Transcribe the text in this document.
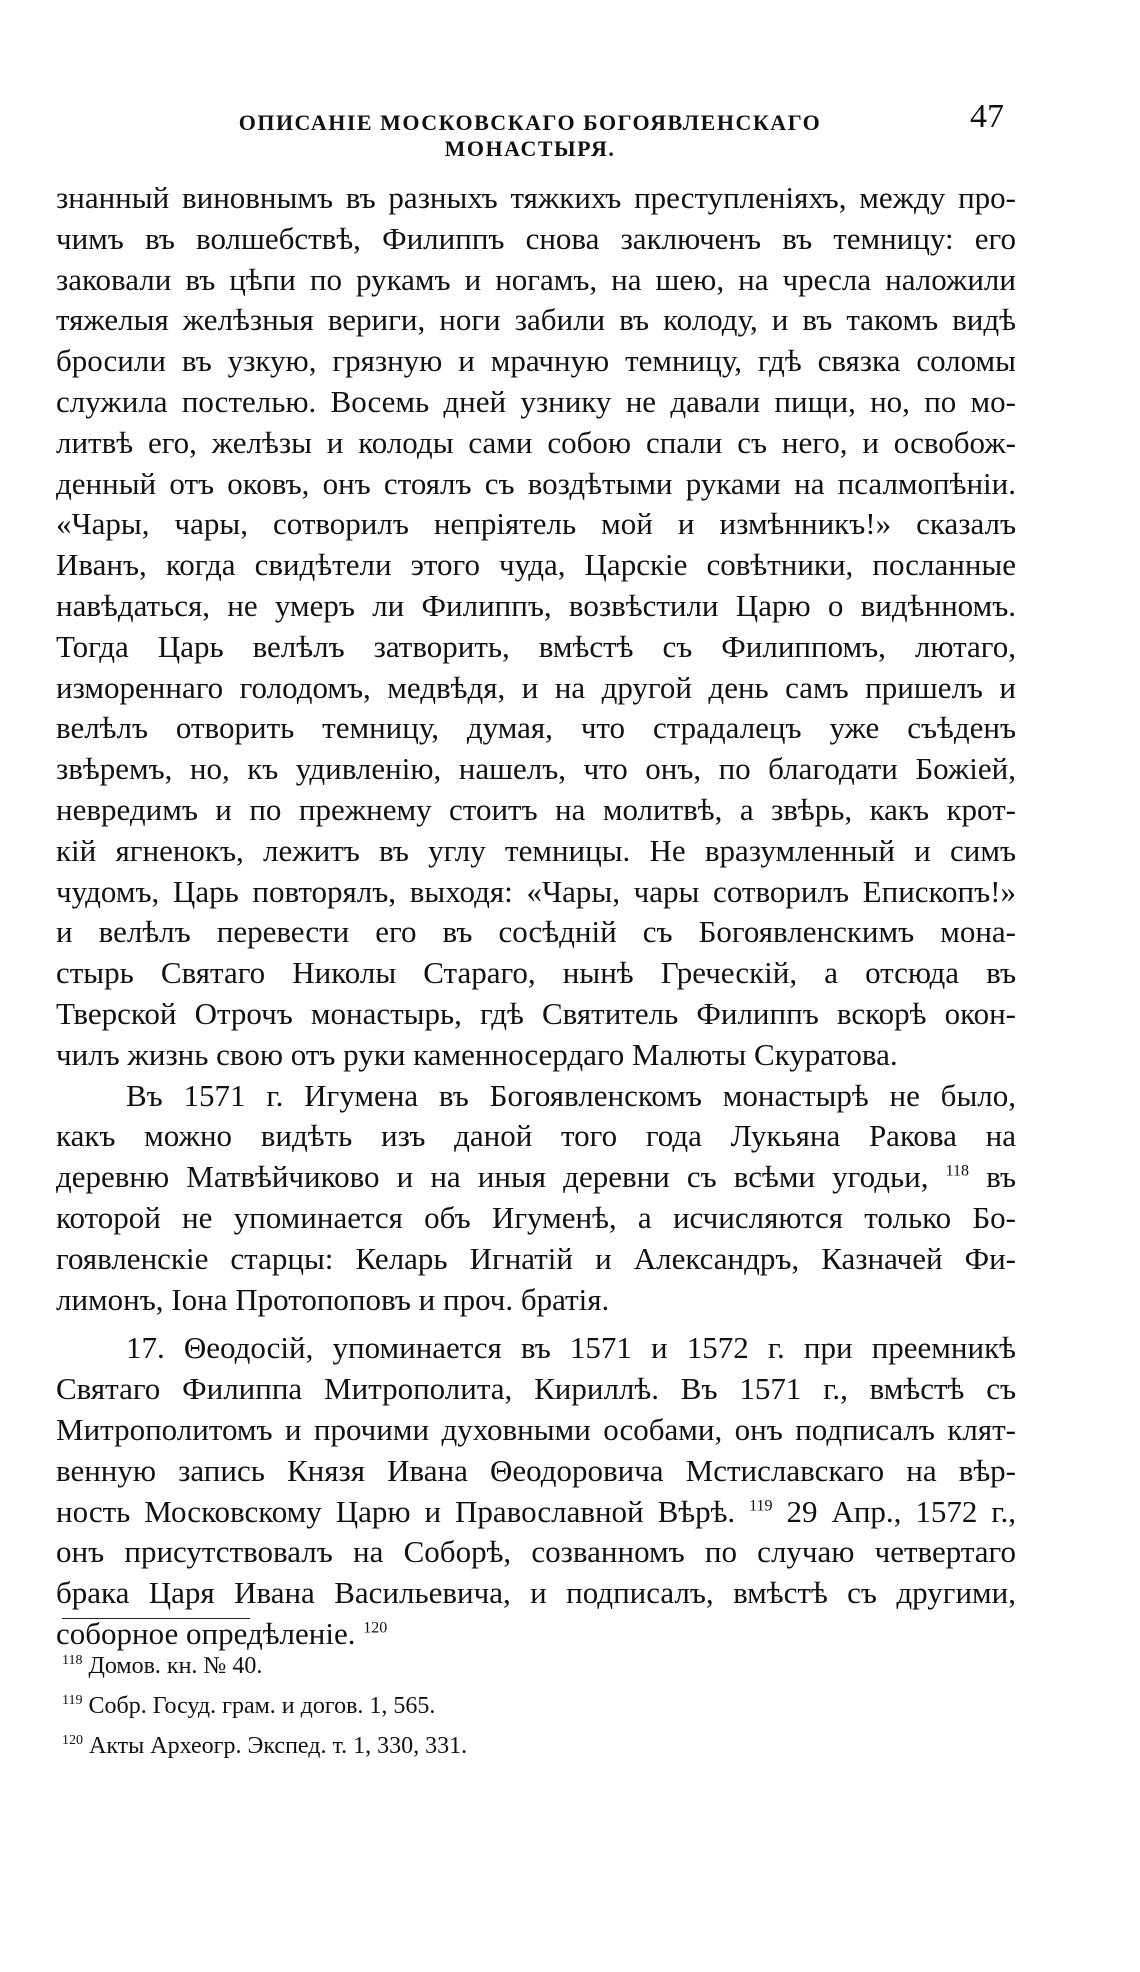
ОПИСАНІЕ МОСКОВСКАГО БОГОЯВЛЕНСКАГО МОНАСТЫРЯ.
47

знанный виновнымъ въ разныхъ тяжкихъ преступленіяхъ, между про-
чимъ въ волшебствѣ, Филиппъ снова заключенъ въ темницу: его
заковали въ цѣпи по рукамъ и ногамъ, на шею, на чресла наложили
тяжелыя желѣзныя вериги, ноги забили въ колоду, и въ такомъ видѣ
бросили въ узкую, грязную и мрачную темницу, гдѣ связка соломы
служила постелью. Восемь дней узнику не давали пищи, но, по мо-
литвѣ его, желѣзы и колоды сами собою спали съ него, и освобож-
денный отъ оковъ, онъ стоялъ съ воздѣтыми руками на псалмопѣніи.
«Чары, чары, сотворилъ непріятель мой и измѣнникъ!» сказалъ
Иванъ, когда свидѣтели этого чуда, Царскіе совѣтники, посланные
навѣдаться, не умеръ ли Филиппъ, возвѣстили Царю о видѣнномъ.
Тогда Царь велѣлъ затворить, вмѣстѣ съ Филиппомъ, лютаго,
измореннаго голодомъ, медвѣдя, и на другой день самъ пришелъ и
велѣлъ отворить темницу, думая, что страдалецъ уже съѣденъ
звѣремъ, но, къ удивленію, нашелъ, что онъ, по благодати Божіей,
невредимъ и по прежнему стоитъ на молитвѣ, а звѣрь, какъ крот-
кій ягненокъ, лежитъ въ углу темницы. Не вразумленный и симъ
чудомъ, Царь повторялъ, выходя: «Чары, чары сотворилъ Епископъ!»
и велѣлъ перевести его въ сосѣдній съ Богоявленскимъ мона-
стырь Святаго Николы Стараго, нынѣ Греческій, а отсюда въ
Тверской Отрочъ монастырь, гдѣ Святитель Филиппъ вскорѣ окон-
чилъ жизнь свою отъ руки каменносердаго Малюты Скуратова.

Въ 1571 г. Игумена въ Богоявленскомъ монастырѣ не было,
какъ можно видѣть изъ даной того года Лукьяна Ракова на
деревню Матвѣйчиково и на иныя деревни съ всѣми угодьи, $^{118}$ въ
которой не упоминается объ Игуменѣ, а исчисляются только Бо-
гоявленскіе старцы: Келарь Игнатій и Александръ, Казначей Фи-
лимонъ, Іона Протопоповъ и проч. братія.

17. Θеодосій, упоминается въ 1571 и 1572 г. при преемникѣ
Святаго Филиппа Митрополита, Кириллѣ. Въ 1571 г., вмѣстѣ съ
Митрополитомъ и прочими духовными особами, онъ подписалъ клят-
венную запись Князя Ивана Θеодоровича Мстиславскаго на вѣр-
ность Московскому Царю и Православной Вѣрѣ. $^{119}$ 29 Апр., 1572 г.,
онъ присутствовалъ на Соборѣ, созванномъ по случаю четвертаго
брака Царя Ивана Васильевича, и подписалъ, вмѣстѣ съ другими,
соборное опредѣленіе. $^{120}$

$^{118}$ Домов. кн. № 40.
$^{119}$ Собр. Госуд. грам. и догов. 1, 565.
$^{120}$ Акты Археогр. Экспед. т. 1, 330, 331.
